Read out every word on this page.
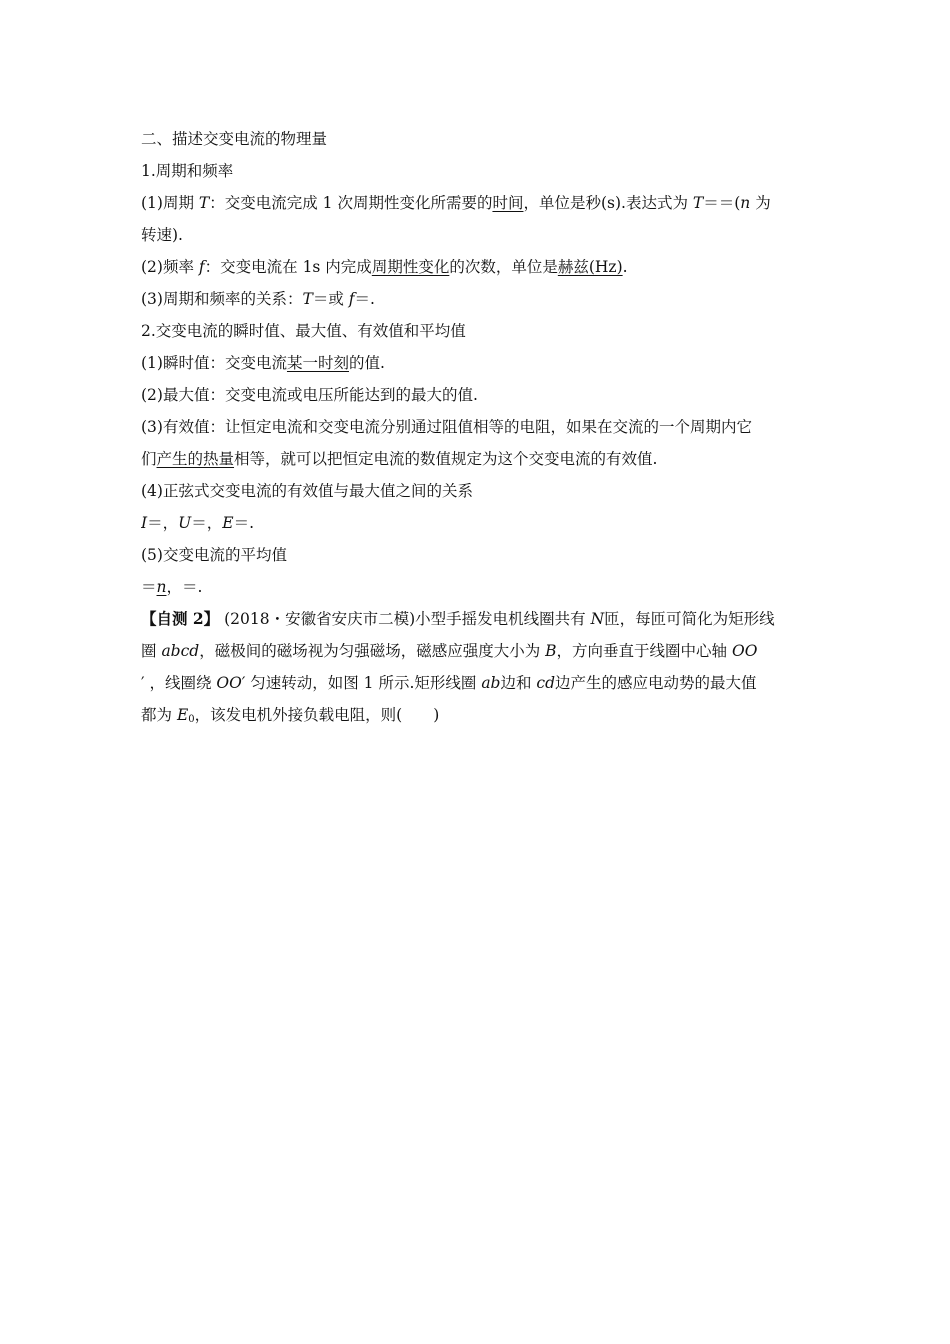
二、描述交变电流的物理量
1.周期和频率
(1)周期 T：交变电流完成 1 次周期性变化所需要的时间，单位是秒(s).表达式为 T＝＝(n 为
转速).
(2)频率 f：交变电流在 1s 内完成周期性变化的次数，单位是赫兹(Hz).
(3)周期和频率的关系：T＝或 f＝.
2.交变电流的瞬时值、最大值、有效值和平均值
(1)瞬时值：交变电流某一时刻的值.
(2)最大值：交变电流或电压所能达到的最大的值.
(3)有效值：让恒定电流和交变电流分别通过阻值相等的电阻，如果在交流的一个周期内它
们产生的热量相等，就可以把恒定电流的数值规定为这个交变电流的有效值.
(4)正弦式交变电流的有效值与最大值之间的关系
I＝，U＝，E＝.
(5)交变电流的平均值
＝n，＝.
【自测 2】 (2018・安徽省安庆市二模)小型手摇发电机线圈共有 N匝，每匝可简化为矩形线
圈 abcd，磁极间的磁场视为匀强磁场，磁感应强度大小为 B，方向垂直于线圈中心轴 OO
′ ，线圈绕 OO′ 匀速转动，如图 1 所示.矩形线圈 ab边和 cd边产生的感应电动势的最大值
都为 $E_0$，该发电机外接负载电阻，则(　　)
